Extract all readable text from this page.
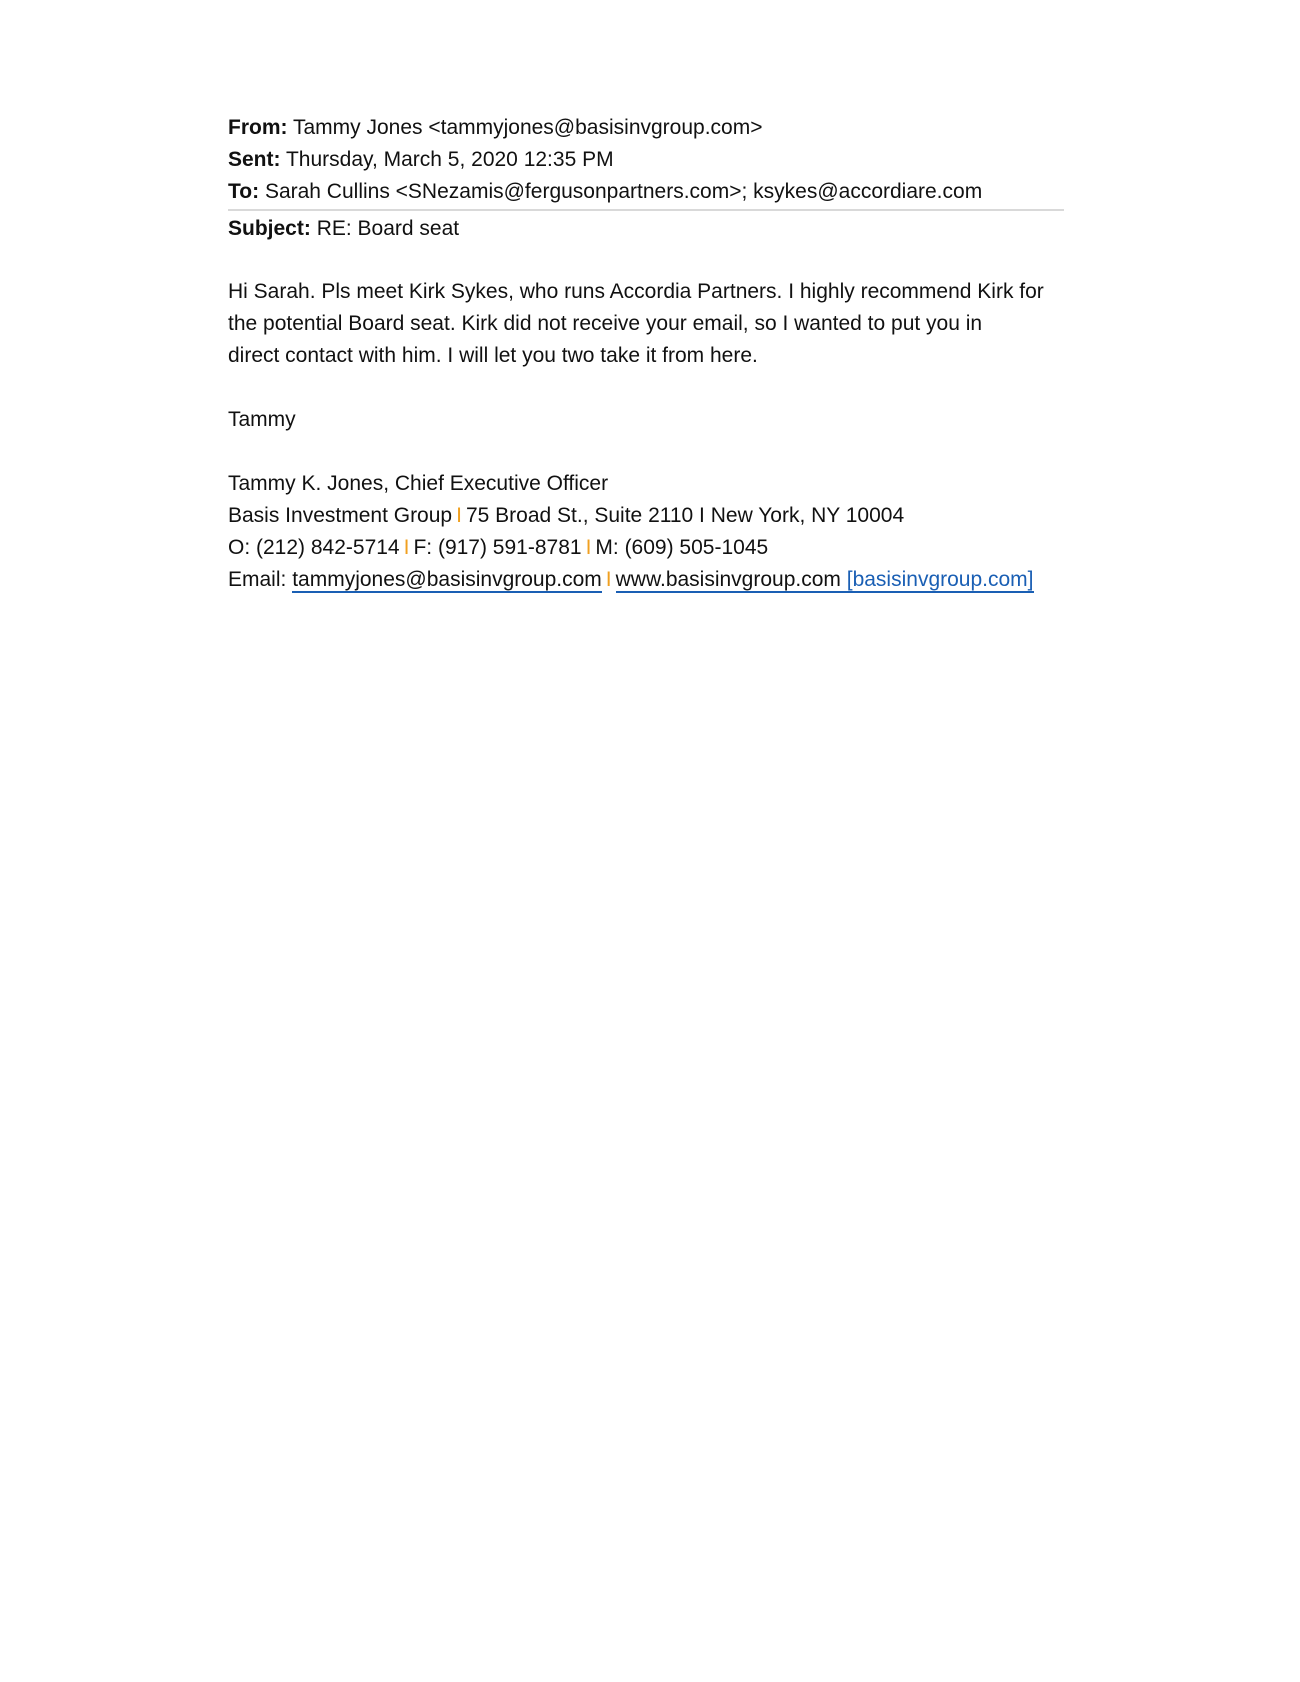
From: Tammy Jones <tammyjones@basisinvgroup.com>
Sent: Thursday, March 5, 2020 12:35 PM
To: Sarah Cullins <SNezamis@fergusonpartners.com>; ksykes@accordiare.com
Subject: RE: Board seat
Hi Sarah. Pls meet Kirk Sykes, who runs Accordia Partners. I highly recommend Kirk for
the potential Board seat. Kirk did not receive your email, so I wanted to put you in
direct contact with him. I will let you two take it from here.
Tammy
Tammy K. Jones, Chief Executive Officer
Basis Investment Group I 75 Broad St., Suite 2110 I New York, NY 10004
O: (212) 842-5714 I F: (917) 591-8781 I M: (609) 505-1045
Email: tammyjones@basisinvgroup.com I www.basisinvgroup.com [basisinvgroup.com]
